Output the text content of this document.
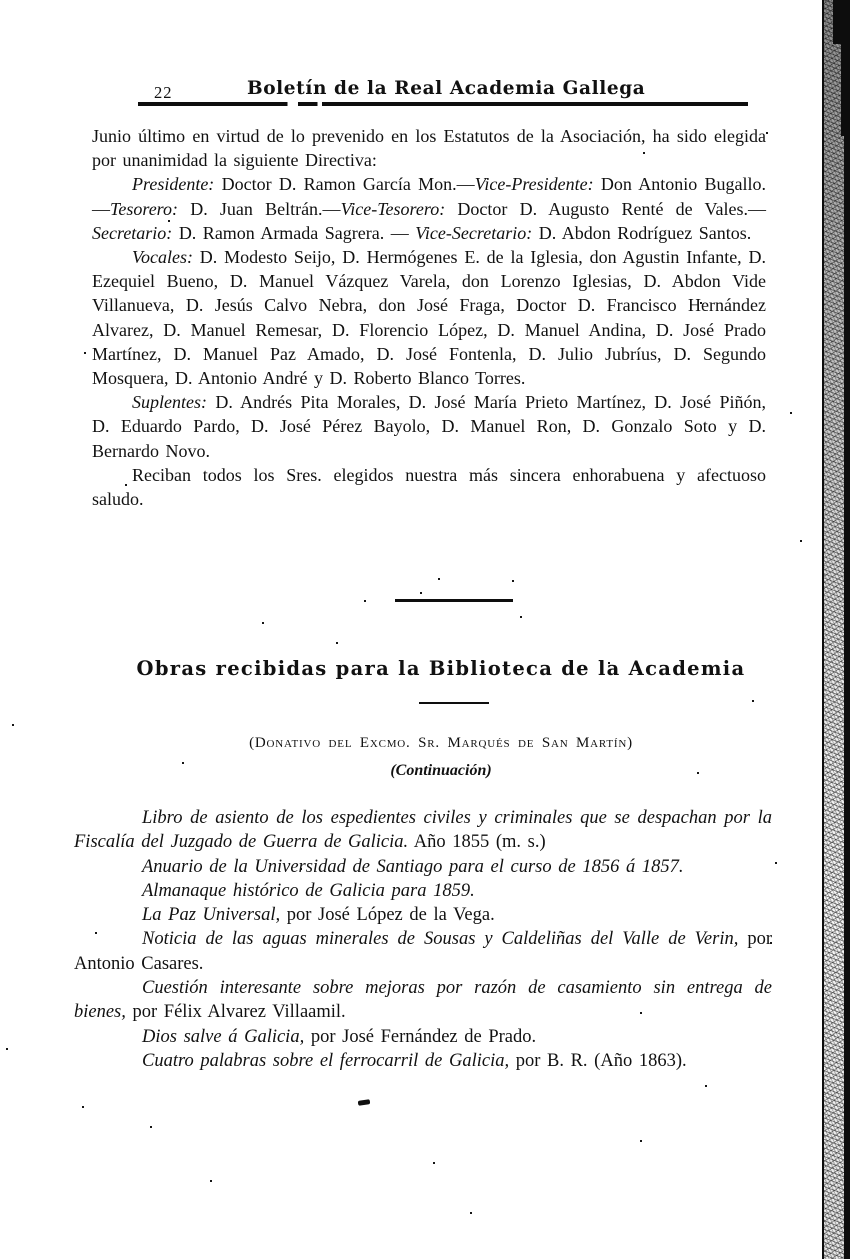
22	Boletín de la Real Academia Gallega

Junio último en virtud de lo prevenido en los Estatutos de la Asociación, ha sido elegida por unanimidad la siguiente Directiva:

Presidente: Doctor D. Ramon García Mon.—Vice-Presidente: Don Antonio Bugallo.—Tesorero: D. Juan Beltrán.—Vice-Tesorero: Doctor D. Augusto Renté de Vales.—Secretario: D. Ramon Armada Sagrera. — Vice-Secretario: D. Abdon Rodríguez Santos.

Vocales: D. Modesto Seijo, D. Hermógenes E. de la Iglesia, don Agustin Infante, D. Ezequiel Bueno, D. Manuel Vázquez Varela, don Lorenzo Iglesias, D. Abdon Vide Villanueva, D. Jesús Calvo Nebra, don José Fraga, Doctor D. Francisco Hernández Alvarez, D. Manuel Remesar, D. Florencio López, D. Manuel Andina, D. José Prado Martínez, D. Manuel Paz Amado, D. José Fontenla, D. Julio Jubríus, D. Segundo Mosquera, D. Antonio André y D. Roberto Blanco Torres.

Suplentes: D. Andrés Pita Morales, D. José María Prieto Martínez, D. José Piñón, D. Eduardo Pardo, D. José Pérez Bayolo, D. Manuel Ron, D. Gonzalo Soto y D. Bernardo Novo.

Reciban todos los Sres. elegidos nuestra más sincera enhorabuena y afectuoso saludo.

Obras recibidas para la Biblioteca de la Academia

(Donativo del Excmo. Sr. Marqués de San Martín)

(Continuación)

Libro de asiento de los espedientes civiles y criminales que se despachan por la Fiscalía del Juzgado de Guerra de Galicia. Año 1855 (m. s.)

Anuario de la Universidad de Santiago para el curso de 1856 á 1857.

Almanaque histórico de Galicia para 1859.

La Paz Universal, por José López de la Vega.

Noticia de las aguas minerales de Sousas y Caldeliñas del Valle de Verin, por Antonio Casares.

Cuestión interesante sobre mejoras por razón de casamiento sin entrega de bienes, por Félix Alvarez Villaamil.

Dios salve á Galicia, por José Fernández de Prado.

Cuatro palabras sobre el ferrocarril de Galicia, por B. R. (Año 1863).
